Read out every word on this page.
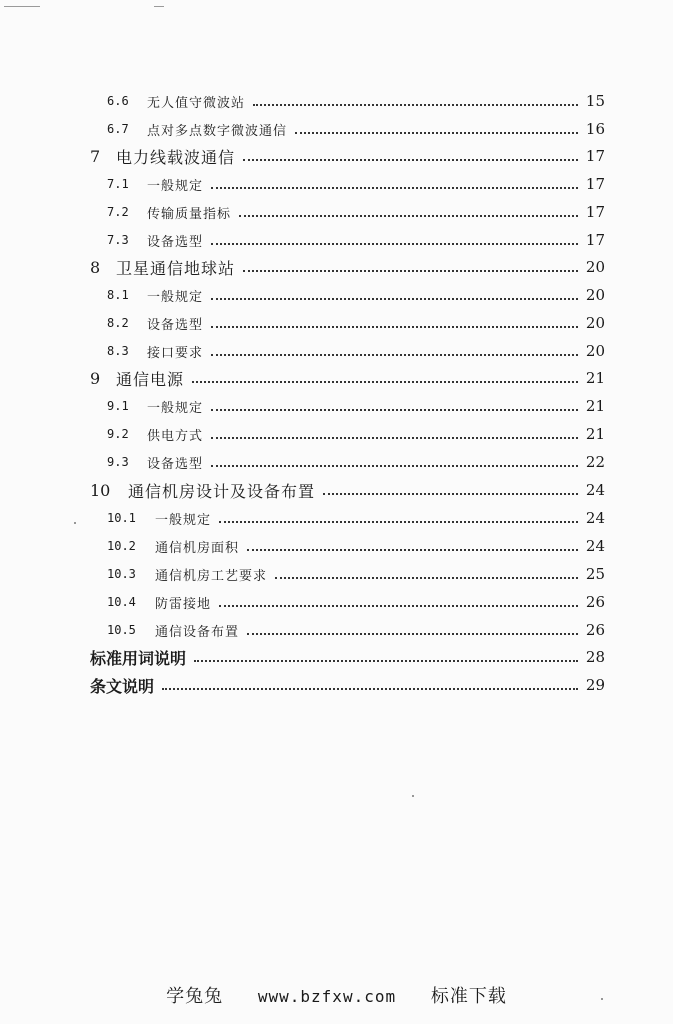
6.6	无人值守微波站	15
6.7	点对多点数字微波通信	16
7 电力线载波通信	17
7.1	一般规定	17
7.2	传输质量指标	17
7.3	设备选型	17
8 卫星通信地球站	20
8.1	一般规定	20
8.2	设备选型	20
8.3	接口要求	20
9 通信电源	21
9.1	一般规定	21
9.2	供电方式	21
9.3	设备选型	22
10	通信机房设计及设备布置	24
10.1	一般规定	24
10.2	通信机房面积	24
10.3	通信机房工艺要求	25
10.4	防雷接地	26
10.5	通信设备布置	26
标准用词说明	28
条文说明	29
学兔兔 www.bzfxw.com 标准下载
